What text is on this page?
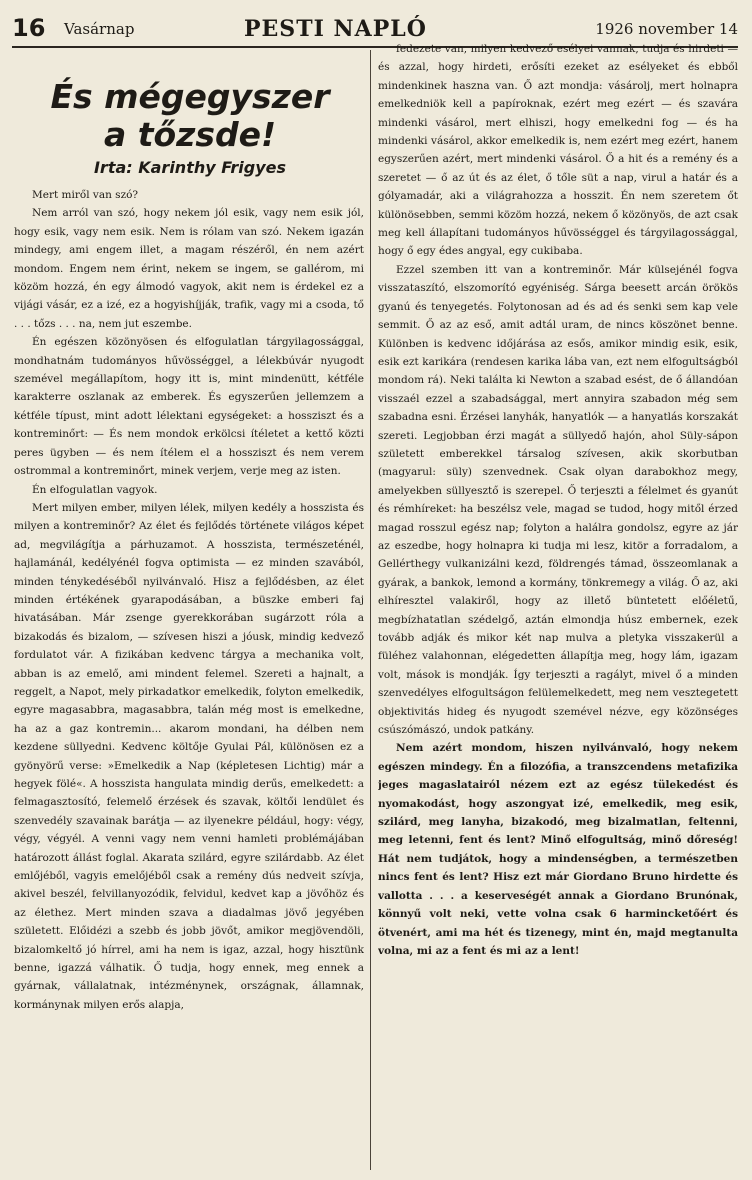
16 Vasárnap	PESTI NAPLÓ	1926 november 14
És mégegyszer
a tőzsde!
Irta: Karinthy Frigyes

Mert miről van szó?

Nem arról van szó, hogy nekem jól esik, vagy nem esik jól, hogy esik, vagy nem esik. Nem is rólam van szó. Nekem igazán mindegy, ami engem illet, a magam részéről, én nem azért mondom. Engem nem érint, nekem se ingem, se gallérom, mi közöm hozzá, én egy álmodó vagyok, akit nem is érdekel ez a vijági vásár, ez a izé, ez a hogyishíjják, trafik, vagy mi a csoda, tő . . . tőzs . . . na, nem jut eszembe.

Én egészen közönyösen és elfogulatlan tárgyilagossággal, mondhatnám tudományos hűvösséggel, a lélekbúvár nyugodt szemével megállapítom, hogy itt is, mint mindenütt, kétféle karakterre oszlanak az emberek. És egyszerűen jellemzem a kétféle típust, mint adott lélektani egységeket: a hossziszt és a kontreminőrt: — És nem mondok erkölcsi ítéletet a kettő közti peres ügyben — és nem ítélem el a hossziszt és nem verem ostrommal a kontreminőrt, minek verjem, verje meg az isten.

Én elfogulatlan vagyok.

Mert milyen ember, milyen lélek, milyen kedély a hosszista és milyen a kontreminőr? Az élet és fejlődés története világos képet ad, megvilágítja a párhuzamot. A hosszista, természeténél, hajlamánál, kedélyénél fogva optimista — ez minden szavából, minden ténykedéséből nyilvánvaló. Hisz a fejlődésben, az élet minden értékének gyarapodásában, a büszke emberi faj hivatásában. Már zsenge gyerekkorában sugárzott róla a bizakodás és bizalom, — szívesen hiszi a jóusk, mindig kedvező fordulatot vár. A fizikában kedvenc tárgya a mechanika volt, abban is az emelő, ami mindent felemel. Szereti a hajnalt, a reggelt, a Napot, mely pirkadatkor emelkedik, folyton emelkedik, egyre magasabbra, magasabbra, talán még most is emelkedne, ha az a gaz kontremin... akarom mondani, ha délben nem kezdene süllyedni. Kedvenc költője Gyulai Pál, különösen ez a gyönyörű verse: »Emelkedik a Nap (képletesen Lichtig) már a hegyek fölé«. A hosszista hangulata mindig derűs, emelkedett: a felmagasztosító, felemelő érzések és szavak, költői lendület és szenvedély szavainak barátja — az ilyenekre például, hogy: végy, végy, végyél. A venni vagy nem venni hamleti problémájában határozott állást foglal. Akarata szilárd, egyre szilárdabb. Az élet emlőjéből, vagyis emelőjéből csak a remény dús nedveit szívja, akivel beszél, felvillanyozódik, felvidul, kedvet kap a jövőhöz és az élethez. Mert minden szava a diadalmas jövő jegyében született. Előidézi a szebb és jobb jövőt, amikor megjövendöli, bizalomkeltő jó hírrel, ami ha nem is igaz, azzal, hogy hisztünk benne, igazzá válhatik. Ő tudja, hogy ennek, meg ennek a gyárnak, vállalatnak, intézménynek, országnak, államnak, kormánynak milyen erős alapja,

fedezete van, milyen kedvező esélyei vannak, tudja és hirdeti — és azzal, hogy hirdeti, erősíti ezeket az esélyeket és ebből mindenkinek haszna van. Ő azt mondja: vásárolj, mert holnapra emelkedniök kell a papíroknak, ezért meg ezért — és szavára mindenki vásárol, mert elhiszi, hogy emelkedni fog — és ha mindenki vásárol, akkor emelkedik is, nem ezért meg ezért, hanem egyszerűen azért, mert mindenki vásárol. Ő a hit és a remény és a szeretet — ő az út és az élet, ő tőle süt a nap, virul a határ és a gólyamadár, aki a világrahozza a hosszit. Én nem szeretem őt különösebben, semmi közöm hozzá, nekem ő közönyös, de azt csak meg kell állapítani tudományos hűvösséggel és tárgyilagossággal, hogy ő egy édes angyal, egy cukibaba.

Ezzel szemben itt van a kontreminőr. Már külsejénél fogva visszataszító, elszomorító egyéniség. Sárga beesett arcán örökös gyanú és tenyegetés. Folytonosan ad és ad és senki sem kap vele semmit. Ő az az eső, amit adtál uram, de nincs köszönet benne. Különben is kedvenc időjárása az esős, amikor mindig esik, esik, esik ezt karikára (rendesen karika lába van, ezt nem elfogultságból mondom rá). Neki találta ki Newton a szabad esést, de ő állandóan visszaél ezzel a szabadsággal, mert annyira szabadon még sem szabadna esni. Érzései lanyhák, hanyatlók — a hanyatlás korszakát szereti. Legjobban érzi magát a süllyedő hajón, ahol Süly-sápon született emberekkel társalog szívesen, akik skorbutban (magyarul: süly) szenvednek. Csak olyan darabokhoz megy, amelyekben süllyesztő is szerepel. Ő terjeszti a félelmet és gyanút és rémhíreket: ha beszélsz vele, magad se tudod, hogy mitől érzed magad rosszul egész nap; folyton a halálra gondolsz, egyre az jár az eszedbe, hogy holnapra ki tudja mi lesz, kitör a forradalom, a Gellérthegy vulkanizálni kezd, földrengés támad, összeomlanak a gyárak, a bankok, lemond a kormány, tönkremegy a világ. Ő az, aki elhíresztel valakiről, hogy az illető büntetett előéletű, megbízhatatlan szédelgő, aztán elmondja húsz embernek, ezek tovább adják és mikor két nap mulva a pletyka visszakerül a füléhez valahonnan, elégedetten állapítja meg, hogy lám, igazam volt, mások is mondják. Így terjeszti a ragályt, mivel ő a minden szenvedélyes elfogultságon felülemelkedett, meg nem vesztegetett objektivitás hideg és nyugodt szemével nézve, egy közönséges csúszómászó, undok patkány.

Nem azért mondom, hiszen nyilvánvaló, hogy nekem egészen mindegy. Én a filozófia, a transzcendens metafizika jeges magaslatairól nézem ezt az egész tülekedést és nyomakodást, hogy aszongyat izé, emelkedik, meg esik, szilárd, meg lanyha, bizakodó, meg bizalmatlan, feltenni, meg letenni, fent és lent? Minő elfogultság, minő dőreség! Hát nem tudjátok, hogy a mindenségben, a természetben nincs fent és lent? Hisz ezt már Giordano Bruno hirdette és vallotta . . . a keserveségét annak a Giordano Brunónak, könnyű volt neki, vette volna csak 6 harmincketőért és ötvenért, ami ma hét és tizenegy, mint én, majd megtanulta volna, mi az a fent és mi az a lent!
